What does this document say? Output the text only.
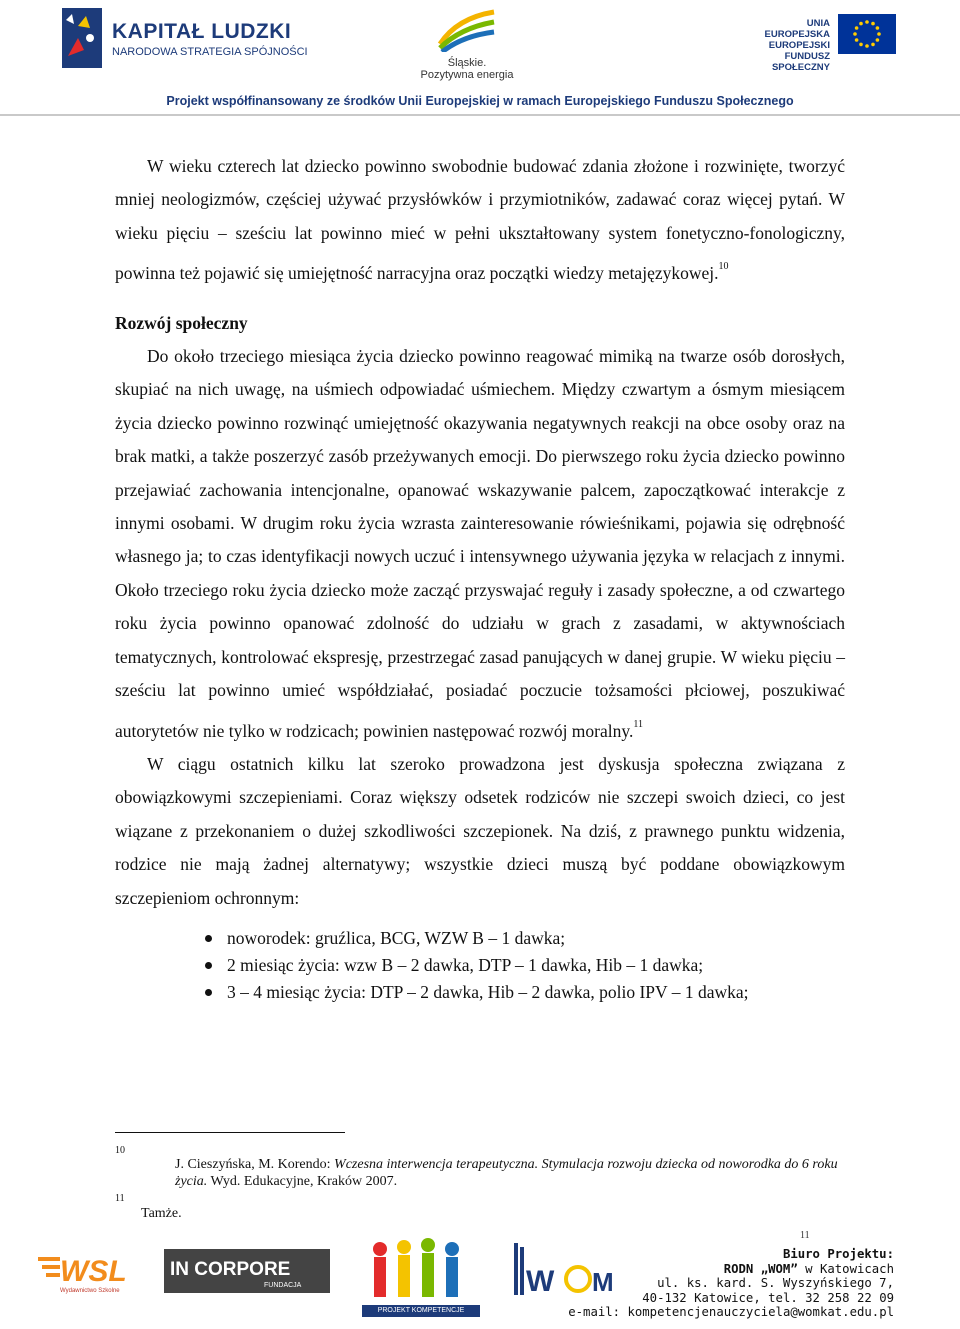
KAPITAŁ LUDZKI
NARODOWA STRATEGIA SPÓJNOŚCI
Śląskie.
Pozytywna energia
UNIA EUROPEJSKA
EUROPEJSKI
FUNDUSZ SPOŁECZNY
Projekt współfinansowany ze środków Unii Europejskiej w ramach Europejskiego Funduszu Społecznego

W wieku czterech lat dziecko powinno swobodnie budować zdania złożone i rozwinięte, tworzyć mniej neologizmów, częściej używać przysłówków i przymiotników, zadawać coraz więcej pytań. W wieku pięciu – sześciu lat powinno mieć w pełni ukształtowany system fonetyczno-fonologiczny, powinna też pojawić się umiejętność narracyjna oraz początki wiedzy metajęzykowej.$^{10}$

Rozwój społeczny

Do około trzeciego miesiąca życia dziecko powinno reagować mimiką na twarze osób dorosłych, skupiać na nich uwagę, na uśmiech odpowiadać uśmiechem. Między czwartym a ósmym miesiącem życia dziecko powinno rozwinąć umiejętność okazywania negatywnych reakcji na obce osoby oraz na brak matki, a także poszerzyć zasób przeżywanych emocji. Do pierwszego roku życia dziecko powinno przejawiać zachowania intencjonalne, opanować wskazywanie palcem, zapoczątkować interakcje z innymi osobami. W drugim roku życia wzrasta zainteresowanie rówieśnikami, pojawia się odrębność własnego ja; to czas identyfikacji nowych uczuć i intensywnego używania języka w relacjach z innymi. Około trzeciego roku życia dziecko może zacząć przyswajać reguły i zasady społeczne, a od czwartego roku życia powinno opanować zdolność do udziału w grach z zasadami, w aktywnościach tematycznych, kontrolować ekspresję, przestrzegać zasad panujących w danej grupie. W wieku pięciu – sześciu lat powinno umieć współdziałać, posiadać poczucie tożsamości płciowej, poszukiwać autorytetów nie tylko w rodzicach; powinien następować rozwój moralny.$^{11}$

W ciągu ostatnich kilku lat szeroko prowadzona jest dyskusja społeczna związana z obowiązkowymi szczepieniami. Coraz większy odsetek rodziców nie szczepi swoich dzieci, co jest wiązane z przekonaniem o dużej szkodliwości szczepionek. Na dziś, z prawnego punktu widzenia, rodzice nie mają żadnej alternatywy; wszystkie dzieci muszą być poddane obowiązkowym szczepieniom ochronnym:

noworodek: gruźlica, BCG, WZW B – 1 dawka;
2 miesiąc życia: wzw B – 2 dawka, DTP – 1 dawka, Hib – 1 dawka;
3 – 4 miesiąc życia: DTP – 2 dawka, Hib – 2 dawka, polio IPV – 1 dawka;
10
J. Cieszyńska, M. Korendo: Wczesna interwencja terapeutyczna. Stymulacja rozwoju dziecka od noworodka do 6 roku życia. Wyd. Edukacyjne, Kraków 2007.
11
Tamże.
11
WSL
Wydawnictwo Szkolne
IN CORPORE
FUNDACJA
PROJEKT KOMPETENCJE NAUCZYCIELA
W M
Biuro Projektu:
RODN „WOM” w Katowicach
ul. ks. kard. S. Wyszyńskiego 7,
40-132 Katowice, tel. 32 258 22 09
e-mail: kompetencjenauczyciela@womkat.edu.pl
